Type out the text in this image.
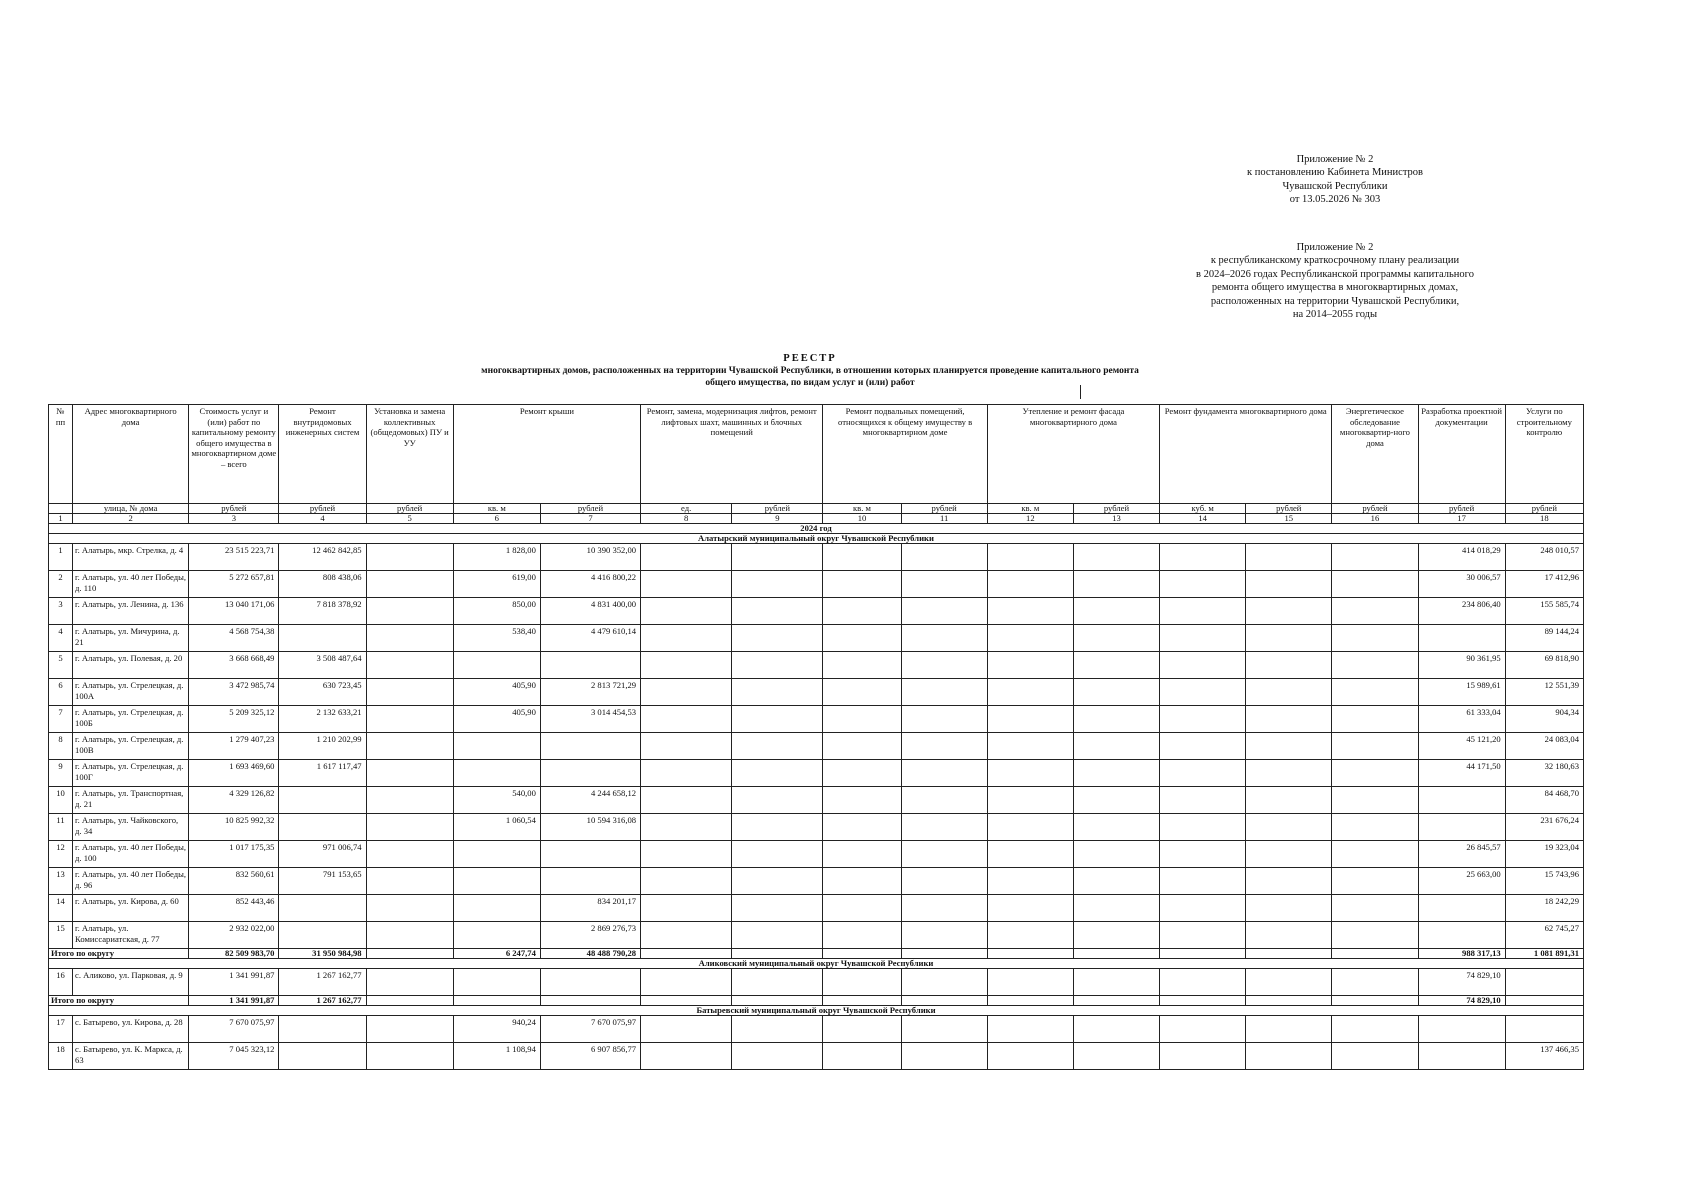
Приложение № 2
к постановлению Кабинета Министров
Чувашской Республики
от 13.05.2026 № 303
Приложение № 2
к республиканскому краткосрочному плану реализации
в 2024–2026 годах Республиканской программы капитального
ремонта общего имущества в многоквартирных домах,
расположенных на территории Чувашской Республики,
на 2014–2055 годы
РЕЕСТР
многоквартирных домов, расположенных на территории Чувашской Республики, в отношении которых планируется проведение капитального ремонта
общего имущества, по видам услуг и (или) работ
№ пп	Адрес многоквартирного дома	Стоимость услуг и (или) работ по капитальному ремонту общего имущества в многоквартирном доме – всего	Ремонт внутридомовых инженерных систем	Установка и замена коллективных (общедомовых) ПУ и УУ	Ремонт крыши		Ремонт, замена, модернизация лифтов, ремонт лифтовых шахт, машинных и блочных помещений		Ремонт подвальных помещений, относящихся к общему имуществу в многоквартирном доме		Утепление и ремонт фасада многоквартирного дома		Ремонт фундамента многоквартирного дома		Энергетическое обследование многоквартир-ного дома	Разработка проектной документации	Услуги по строительному контролю
	улица, № дома	рублей	рублей	рублей	кв. м	рублей	ед.	рублей	кв. м	рублей	кв. м	рублей	куб. м	рублей	рублей	рублей	рублей
1	2	3	4	5	6	7	8	9	10	11	12	13	14	15	16	17	18
2024 год																	
Алатырский муниципальный округ Чувашской Республики																	
1	г. Алатырь, мкр. Стрелка, д. 4	23 515 223,71	12 462 842,85		1 828,00	10 390 352,00										414 018,29	248 010,57
2	г. Алатырь, ул. 40 лет Победы, д. 110	5 272 657,81	808 438,06		619,00	4 416 800,22										30 006,57	17 412,96
3	г. Алатырь, ул. Ленина, д. 136	13 040 171,06	7 818 378,92		850,00	4 831 400,00										234 806,40	155 585,74
4	г. Алатырь, ул. Мичурина, д. 21	4 568 754,38			538,40	4 479 610,14											89 144,24
5	г. Алатырь, ул. Полевая, д. 20	3 668 668,49	3 508 487,64													90 361,95	69 818,90
6	г. Алатырь, ул. Стрелецкая, д. 100А	3 472 985,74	630 723,45		405,90	2 813 721,29										15 989,61	12 551,39
7	г. Алатырь, ул. Стрелецкая, д. 100Б	5 209 325,12	2 132 633,21		405,90	3 014 454,53										61 333,04	904,34
8	г. Алатырь, ул. Стрелецкая, д. 100В	1 279 407,23	1 210 202,99													45 121,20	24 083,04
9	г. Алатырь, ул. Стрелецкая, д. 100Г	1 693 469,60	1 617 117,47													44 171,50	32 180,63
10	г. Алатырь, ул. Транспортная, д. 21	4 329 126,82			540,00	4 244 658,12											84 468,70
11	г. Алатырь, ул. Чайковского, д. 34	10 825 992,32			1 060,54	10 594 316,08											231 676,24
12	г. Алатырь, ул. 40 лет Победы, д. 100	1 017 175,35	971 006,74													26 845,57	19 323,04
13	г. Алатырь, ул. 40 лет Победы, д. 96	832 560,61	791 153,65													25 663,00	15 743,96
14	г. Алатырь, ул. Кирова, д. 60	852 443,46				834 201,17											18 242,29
15	г. Алатырь, ул. Комиссариатская, д. 77	2 932 022,00				2 869 276,73											62 745,27
Итого по округу		82 509 983,70	31 950 984,98		6 247,74	48 488 790,28										988 317,13	1 081 891,31
Аликовский муниципальный округ Чувашской Республики																	
16	с. Аликово, ул. Парковая, д. 9	1 341 991,87	1 267 162,77													74 829,10	
Итого по округу		1 341 991,87	1 267 162,77													74 829,10	
Батыревский муниципальный округ Чувашской Республики																	
17	с. Батырево, ул. Кирова, д. 28	7 670 075,97			940,24	7 670 075,97											
18	с. Батырево, ул. К. Маркса, д. 63	7 045 323,12			1 108,94	6 907 856,77											137 466,35
